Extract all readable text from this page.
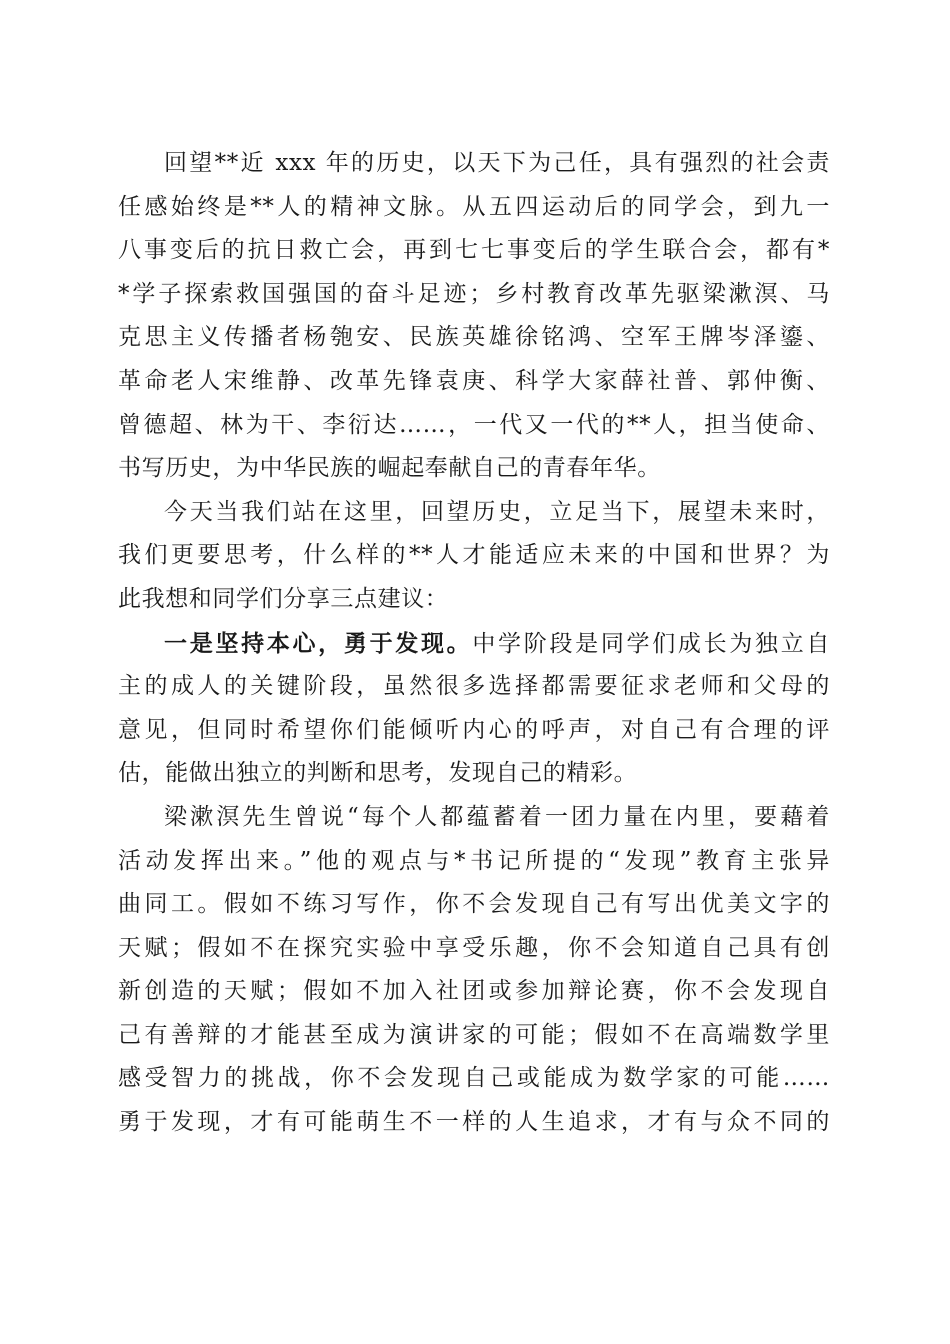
回望**近 xxx 年的历史，以天下为己任，具有强烈的社会责
任感始终是**人的精神文脉。从五四运动后的同学会，到九一
八事变后的抗日救亡会，再到七七事变后的学生联合会，都有*
*学子探索救国强国的奋斗足迹；乡村教育改革先驱梁漱溟、马
克思主义传播者杨匏安、民族英雄徐铭鸿、空军王牌岑泽鎏、
革命老人宋维静、改革先锋袁庚、科学大家薛社普、郭仲衡、
曾德超、林为干、李衍达……，一代又一代的**人，担当使命、
书写历史，为中华民族的崛起奉献自己的青春年华。
今天当我们站在这里，回望历史，立足当下，展望未来时，
我们更要思考，什么样的**人才能适应未来的中国和世界？为
此我想和同学们分享三点建议：
一是坚持本心，勇于发现。中学阶段是同学们成长为独立自
主的成人的关键阶段，虽然很多选择都需要征求老师和父母的
意见，但同时希望你们能倾听内心的呼声，对自己有合理的评
估，能做出独立的判断和思考，发现自己的精彩。
梁漱溟先生曾说“每个人都蕴蓄着一团力量在内里，要藉着
活动发挥出来。”他的观点与*书记所提的“发现”教育主张异
曲同工。假如不练习写作，你不会发现自己有写出优美文字的
天赋；假如不在探究实验中享受乐趣，你不会知道自己具有创
新创造的天赋；假如不加入社团或参加辩论赛，你不会发现自
己有善辩的才能甚至成为演讲家的可能；假如不在高端数学里
感受智力的挑战，你不会发现自己或能成为数学家的可能……
勇于发现，才有可能萌生不一样的人生追求，才有与众不同的
